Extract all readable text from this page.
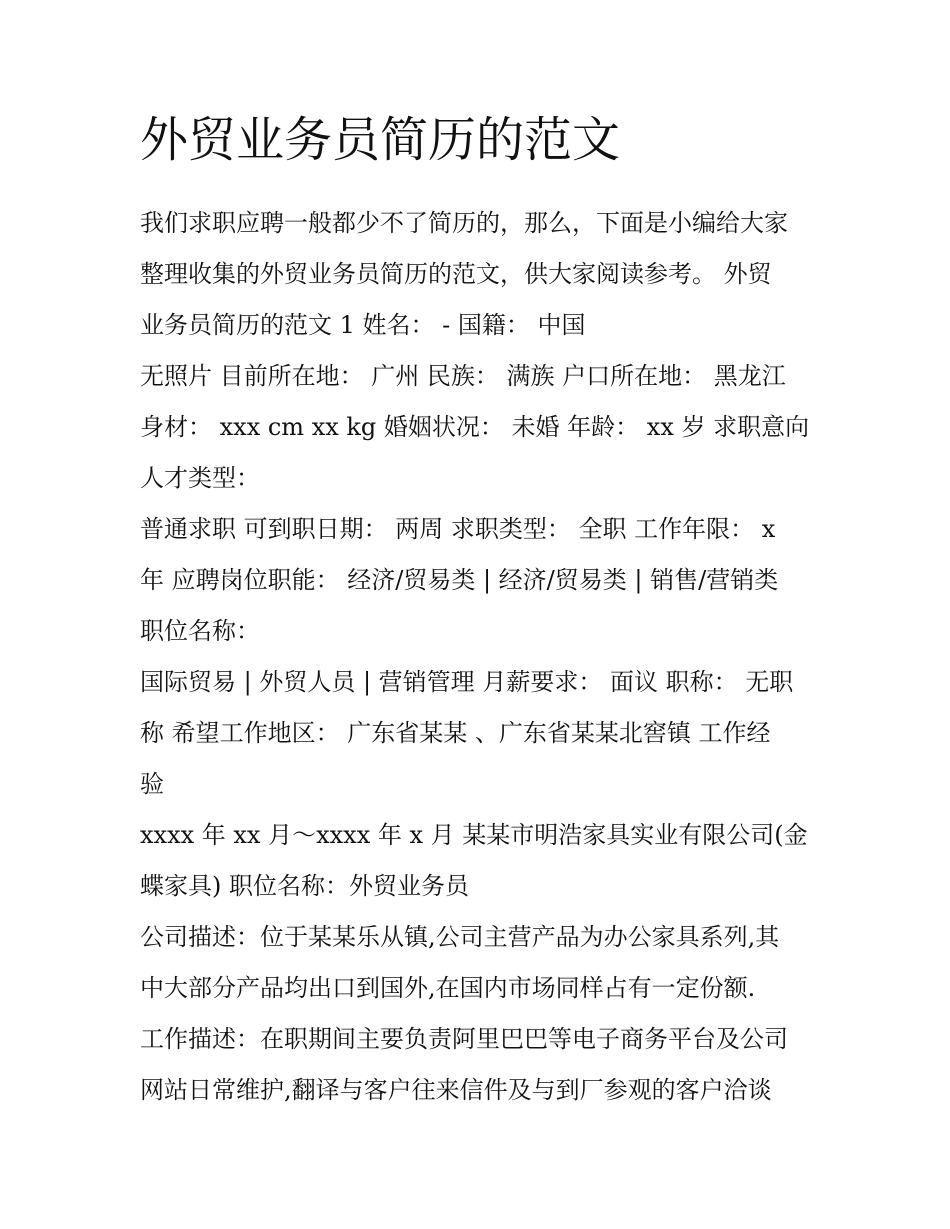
外贸业务员简历的范文
我们求职应聘一般都少不了简历的，那么，下面是小编给大家
整理收集的外贸业务员简历的范文，供大家阅读参考。 外贸
业务员简历的范文 1 姓名： - 国籍： 中国
无照片 目前所在地： 广州 民族： 满族 户口所在地： 黑龙江
身材： xxx cm xx kg 婚姻状况： 未婚 年龄： xx 岁 求职意向
人才类型：
普通求职 可到职日期： 两周 求职类型： 全职 工作年限： x
年 应聘岗位职能： 经济/贸易类 | 经济/贸易类 | 销售/营销类
职位名称：
国际贸易 | 外贸人员 | 营销管理 月薪要求： 面议 职称： 无职
称 希望工作地区： 广东省某某 、广东省某某北窖镇 工作经
验
xxxx 年 xx 月～xxxx 年 x 月 某某市明浩家具实业有限公司(金
蝶家具) 职位名称：外贸业务员
公司描述：位于某某乐从镇,公司主营产品为办公家具系列,其
中大部分产品均出口到国外,在国内市场同样占有一定份额.
工作描述：在职期间主要负责阿里巴巴等电子商务平台及公司
网站日常维护,翻译与客户往来信件及与到厂参观的客户洽谈
